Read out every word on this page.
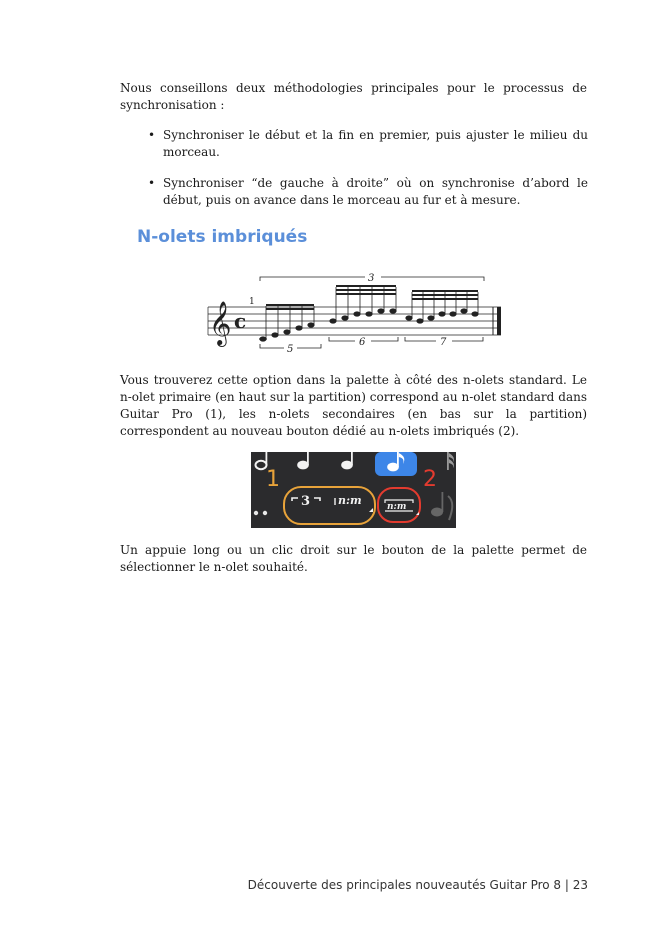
Nous conseillons deux méthodologies principales pour le processus de synchronisation :

• Synchroniser le début et la fin en premier, puis ajuster le milieu du morceau.
• Synchroniser “de gauche à droite” où on synchronise d’abord le début, puis on avance dans le morceau au fur et à mesure.
N-olets imbriqués
𝄞 1
c
3
5
6	7

Vous trouverez cette option dans la palette à côté des n-olets standard. Le n-olet primaire (en haut sur la partition) correspond au n-olet standard dans Guitar Pro (1), les n-olets secondaires (en bas sur la partition) correspondent au nouveau bouton dédié au n-olets imbriqués (2).

1	2
3	n:m	n:m

Un appuie long ou un clic droit sur le bouton de la palette permet de sélectionner le n-olet souhaité.

Découverte des principales nouveautés Guitar Pro 8 | 23
